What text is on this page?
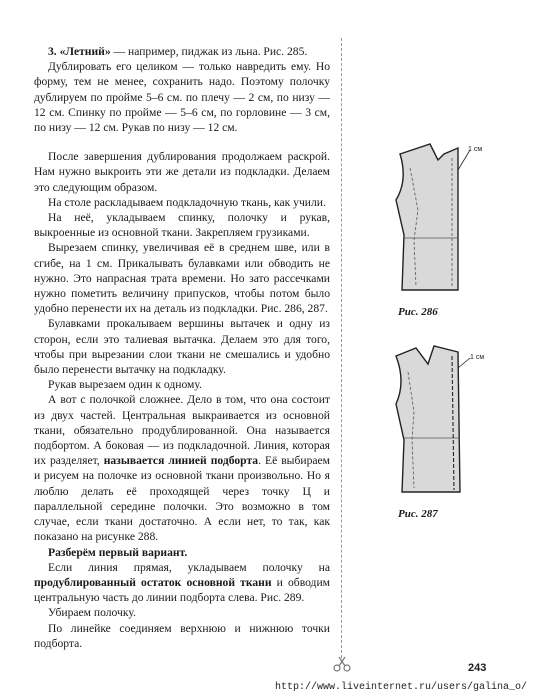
3. «Летний» — например, пиджак из льна. Рис. 285.

Дублировать его целиком — только навредить ему. Но форму, тем не менее, сохранить надо. Поэтому полочку дублируем по пройме 5–6 см. по плечу — 2 см, по низу — 12 см. Спинку по пройме — 5–6 см, по горловине — 3 см, по низу — 12 см. Рукав по низу — 12 см.

После завершения дублирования продолжаем раскрой. Нам нужно выкроить эти же детали из подкладки. Делаем это следующим образом.

На столе раскладываем подкладочную ткань, как учили.

На неё, укладываем спинку, полочку и рукав, выкроенные из основной ткани. Закрепляем грузиками.

Вырезаем спинку, увеличивая её в среднем шве, или в сгибе, на 1 см. Прикалывать булавками или обводить не нужно. Это напрасная трата времени. Но зато рассечками нужно пометить величину припусков, чтобы потом было удобно перенести их на деталь из подкладки. Рис. 286, 287.

Булавками прокалываем вершины вытачек и одну из сторон, если это талиевая вытачка. Делаем это для того, чтобы при вырезании слои ткани не смешались и удобно было перенести вытачку на подкладку.

Рукав вырезаем один к одному.

А вот с полочкой сложнее. Дело в том, что она состоит из двух частей. Центральная выкраивается из основной ткани, обязательно продублированной. Она называется подбортом. А боковая — из подкладочной. Линия, которая их разделяет, называется линией подборта. Её выбираем и рисуем на полочке из основной ткани произвольно. Но я люблю делать её проходящей через точку Ц и параллельной середине полочки. Это возможно в том случае, если ткани достаточно. А если нет, то так, как показано на рисунке 288.

Разберём первый вариант.

Если линия прямая, укладываем полочку на продублированный остаток основной ткани и обводим центральную часть до линии подборта слева. Рис. 289.

Убираем полочку.

По линейке соединяем верхнюю и нижнюю точки подборта.

1 см
Рис. 286
1 см
Рис. 287
243
http://www.liveinternet.ru/users/galina_o/
